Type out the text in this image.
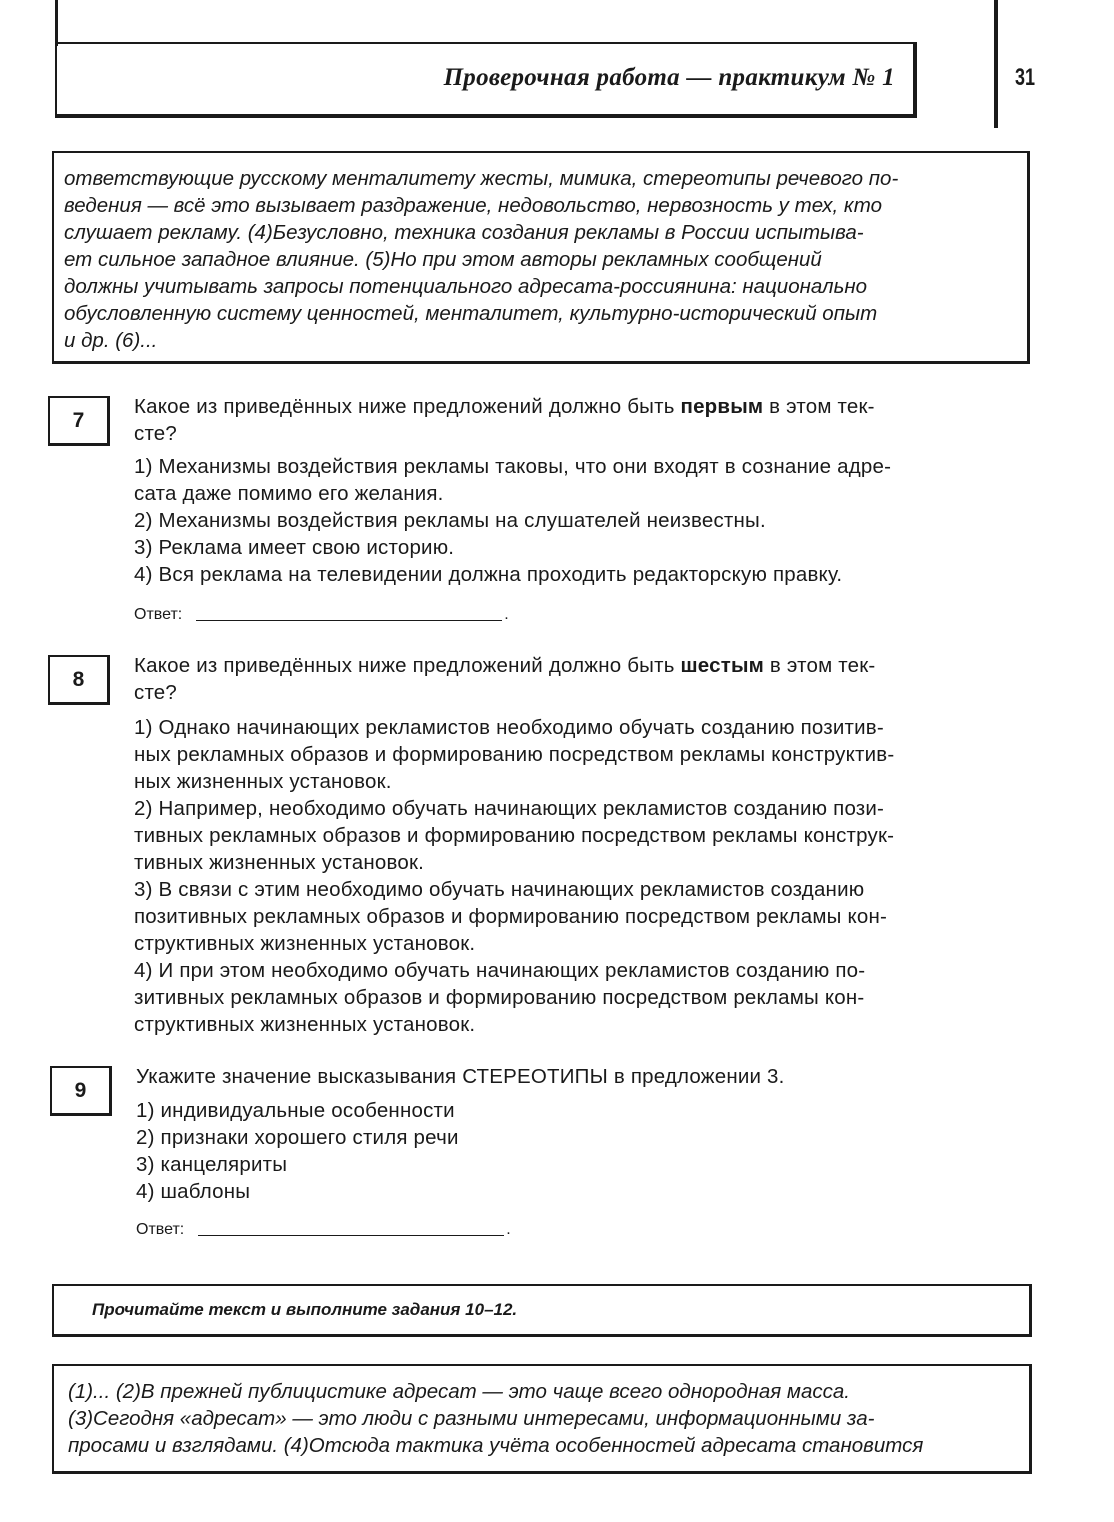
Проверочная работа — практикум № 1	31

ответствующие русскому менталитету жесты, мимика, стереотипы речевого по-

ведения — всё это вызывает раздражение, недовольство, нервозность у тех, кто

слушает рекламу. (4)Безусловно, техника создания рекламы в России испытыва-

ет сильное западное влияние. (5)Но при этом авторы рекламных сообщений

должны учитывать запросы потенциального адресата-россиянина: национально

обусловленную систему ценностей, менталитет, культурно-исторический опыт

и др. (6)...

7
Какое из приведённых ниже предложений должно быть первым в этом тек-
сте?
1) Механизмы воздействия рекламы таковы, что они входят в сознание адре-
сата даже помимо его желания.
2) Механизмы воздействия рекламы на слушателей неизвестны.
3) Реклама имеет свою историю.
4) Вся реклама на телевидении должна проходить редакторскую правку.
Ответ:	.
8
Какое из приведённых ниже предложений должно быть шестым в этом тек-
сте?
1) Однако начинающих рекламистов необходимо обучать созданию позитив-
ных рекламных образов и формированию посредством рекламы конструктив-
ных жизненных установок.
2) Например, необходимо обучать начинающих рекламистов созданию пози-
тивных рекламных образов и формированию посредством рекламы конструк-
тивных жизненных установок.
3) В связи с этим необходимо обучать начинающих рекламистов созданию
позитивных рекламных образов и формированию посредством рекламы кон-
структивных жизненных установок.
4) И при этом необходимо обучать начинающих рекламистов созданию по-
зитивных рекламных образов и формированию посредством рекламы кон-
структивных жизненных установок.
9
Укажите значение высказывания СТЕРЕОТИПЫ в предложении 3.
1) индивидуальные особенности
2) признаки хорошего стиля речи
3) канцеляриты
4) шаблоны
Ответ:	.
Прочитайте текст и выполните задания 10–12.

(1)... (2)В прежней публицистике адресат — это чаще всего однородная масса.

(3)Сегодня «адресат» — это люди с разными интересами, информационными за-

просами и взглядами. (4)Отсюда тактика учёта особенностей адресата становится
